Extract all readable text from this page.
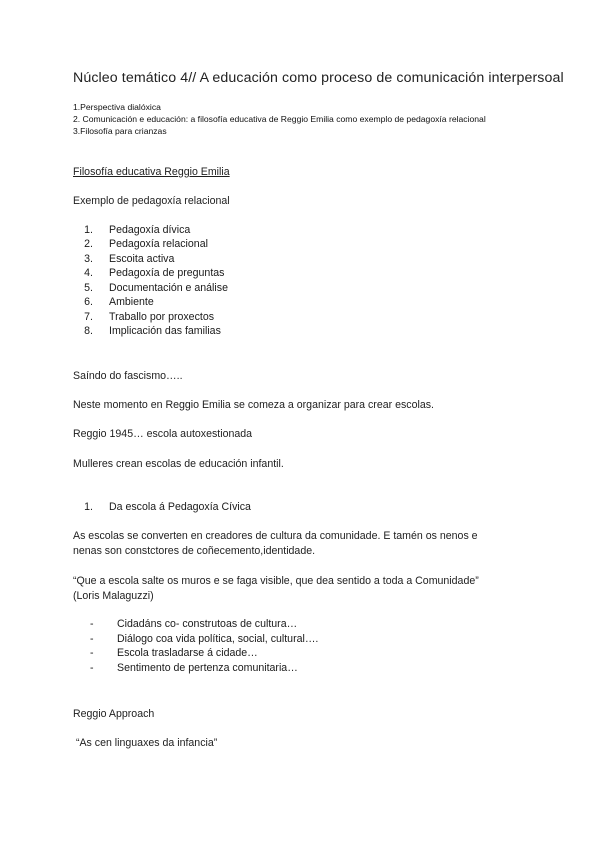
Núcleo temático 4// A educación como proceso de comunicación interpersoal
1.Perspectiva dialóxica
2. Comunicación e educación: a filosofía educativa de Reggio Emilia como exemplo de pedagoxía relacional
3.Filosofía para crianzas
Filosofía educativa Reggio Emilia
Exemplo de pedagoxía relacional
1. Pedagoxía dívica
2. Pedagoxía relacional
3. Escoita activa
4. Pedagoxía de preguntas
5. Documentación e análise
6. Ambiente
7. Traballo por proxectos
8. Implicación das familias
Saíndo do fascismo…..
Neste momento en Reggio Emilia se comeza a organizar para crear escolas.
Reggio 1945… escola autoxestionada
Mulleres crean escolas de educación infantil.
1. Da escola á Pedagoxía Cívica
As escolas se converten en creadores de cultura da comunidade. E tamén os nenos e
nenas son constctores de coñecemento,identidade.
“Que a escola salte os muros e se faga visible, que dea sentido a toda a Comunidade”
(Loris Malaguzzi)
- Cidadáns co- construtoas de cultura…
- Diálogo coa vida política, social, cultural….
- Escola trasladarse á cidade…
- Sentimento de pertenza comunitaria…
Reggio Approach
“As cen linguaxes da infancia”
